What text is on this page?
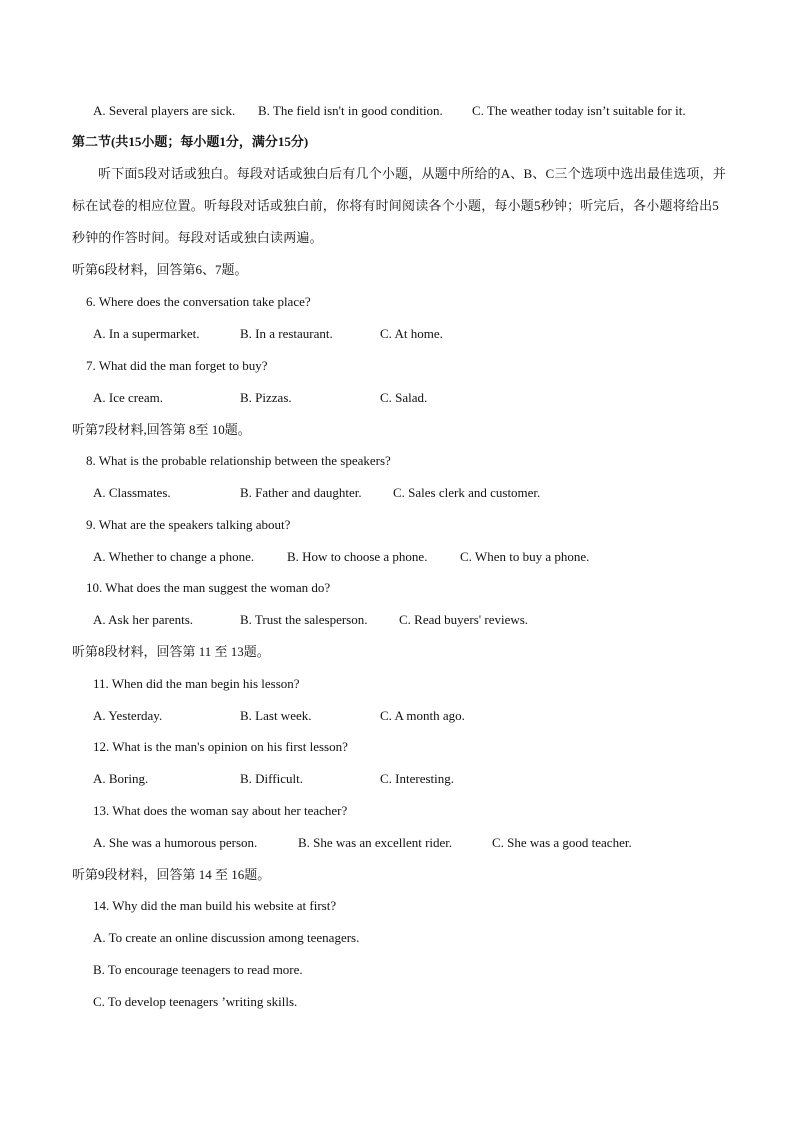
A. Several players are sick. B. The field isn't in good condition. C. The weather today isn’t suitable for it.
第二节(共15小题；每小题1分，满分15分)
听下面5段对话或独白。每段对话或独白后有几个小题，从题中所给的A、B、C三个选项中选出最佳选项，并标在试卷的相应位置。听每段对话或独白前，你将有时间阅读各个小题，每小题5秒钟；听完后，各小题将给出5秒钟的作答时间。每段对话或独白读两遍。
听第6段材料，回答第6、7题。
6. Where does the conversation take place?
A. In a supermarket.	B. In a restaurant.	C. At home.
7. What did the man forget to buy?
A. Ice cream.	B. Pizzas.	C. Salad.
听第7段材料,回答第 8至 10题。
8. What is the probable relationship between the speakers?
A. Classmates.	B. Father and daughter. C. Sales clerk and customer.
9. What are the speakers talking about?
A. Whether to change a phone.	B. How to choose a phone.	C. When to buy a phone.
10. What does the man suggest the woman do?
A. Ask her parents.	B. Trust the salesperson. C. Read buyers' reviews.
听第8段材料，回答第 11 至 13题。
11. When did the man begin his lesson?
A. Yesterday.	B. Last week.	C. A month ago.
12. What is the man's opinion on his first lesson?
A. Boring.	B. Difficult.	C. Interesting.
13. What does the woman say about her teacher?
A. She was a humorous person.	B. She was an excellent rider.	C. She was a good teacher.
听第9段材料，回答第 14 至 16题。
14. Why did the man build his website at first?
A. To create an online discussion among teenagers.
B. To encourage teenagers to read more.
C. To develop teenagers ’writing skills.
